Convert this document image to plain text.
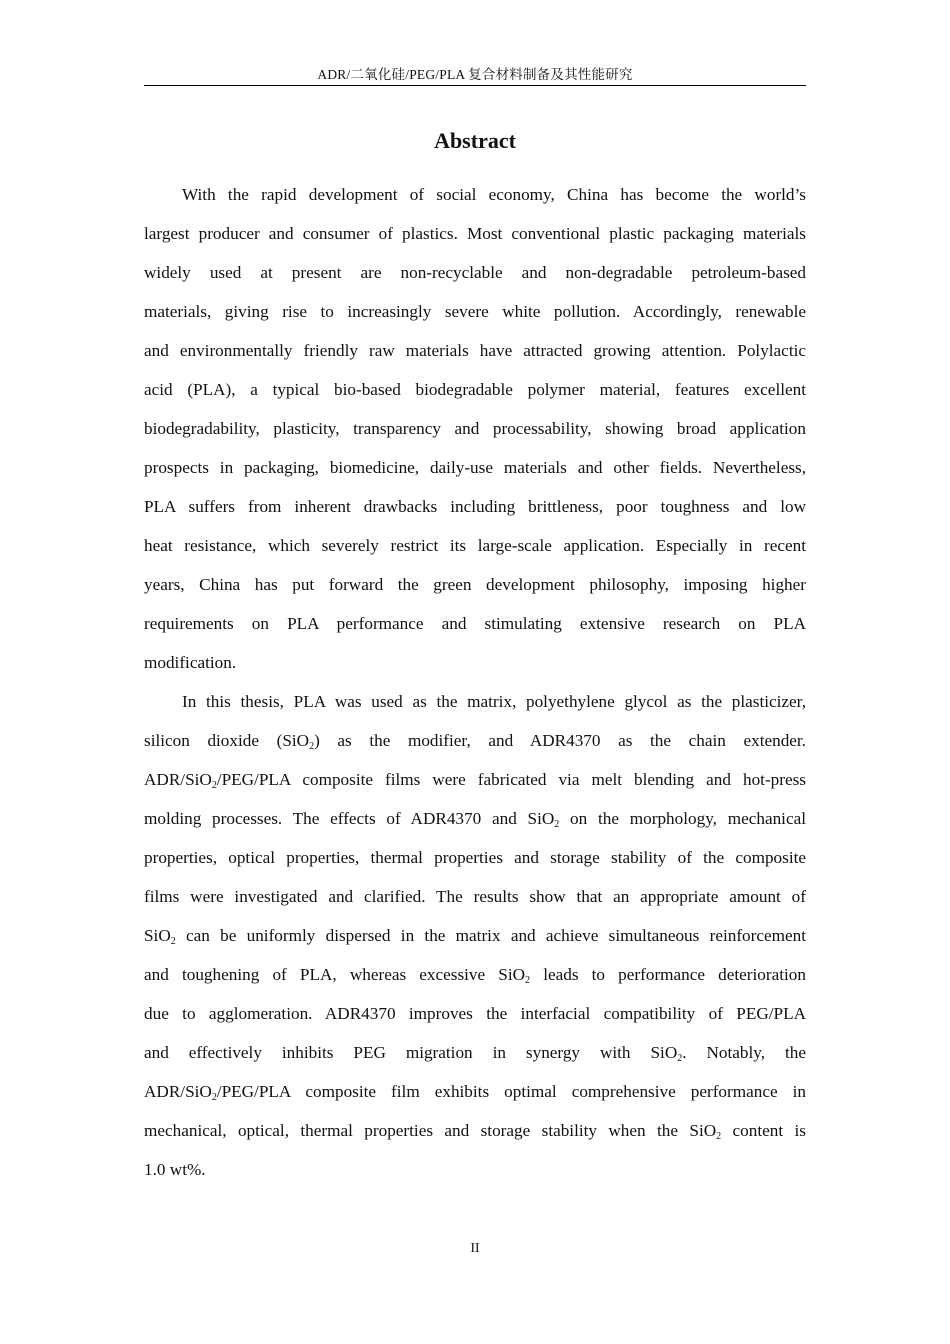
ADR/二氧化硅/PEG/PLA 复合材料制备及其性能研究
Abstract
With the rapid development of social economy, China has become the world’s
largest producer and consumer of plastics. Most conventional plastic packaging materials
widely used at present are non-recyclable and non-degradable petroleum-based
materials, giving rise to increasingly severe white pollution. Accordingly, renewable
and environmentally friendly raw materials have attracted growing attention. Polylactic
acid (PLA), a typical bio-based biodegradable polymer material, features excellent
biodegradability, plasticity, transparency and processability, showing broad application
prospects in packaging, biomedicine, daily-use materials and other fields. Nevertheless,
PLA suffers from inherent drawbacks including brittleness, poor toughness and low
heat resistance, which severely restrict its large-scale application. Especially in recent
years, China has put forward the green development philosophy, imposing higher
requirements on PLA performance and stimulating extensive research on PLA
modification.
In this thesis, PLA was used as the matrix, polyethylene glycol as the plasticizer,
silicon dioxide (SiO$_2$) as the modifier, and ADR4370 as the chain extender.
ADR/SiO$_2$/PEG/PLA composite films were fabricated via melt blending and hot-press
molding processes. The effects of ADR4370 and SiO$_2$ on the morphology, mechanical
properties, optical properties, thermal properties and storage stability of the composite
films were investigated and clarified. The results show that an appropriate amount of
SiO$_2$ can be uniformly dispersed in the matrix and achieve simultaneous reinforcement
and toughening of PLA, whereas excessive SiO$_2$ leads to performance deterioration
due to agglomeration. ADR4370 improves the interfacial compatibility of PEG/PLA
and effectively inhibits PEG migration in synergy with SiO$_2$. Notably, the
ADR/SiO$_2$/PEG/PLA composite film exhibits optimal comprehensive performance in
mechanical, optical, thermal properties and storage stability when the SiO$_2$ content is
1.0 wt%.
II
